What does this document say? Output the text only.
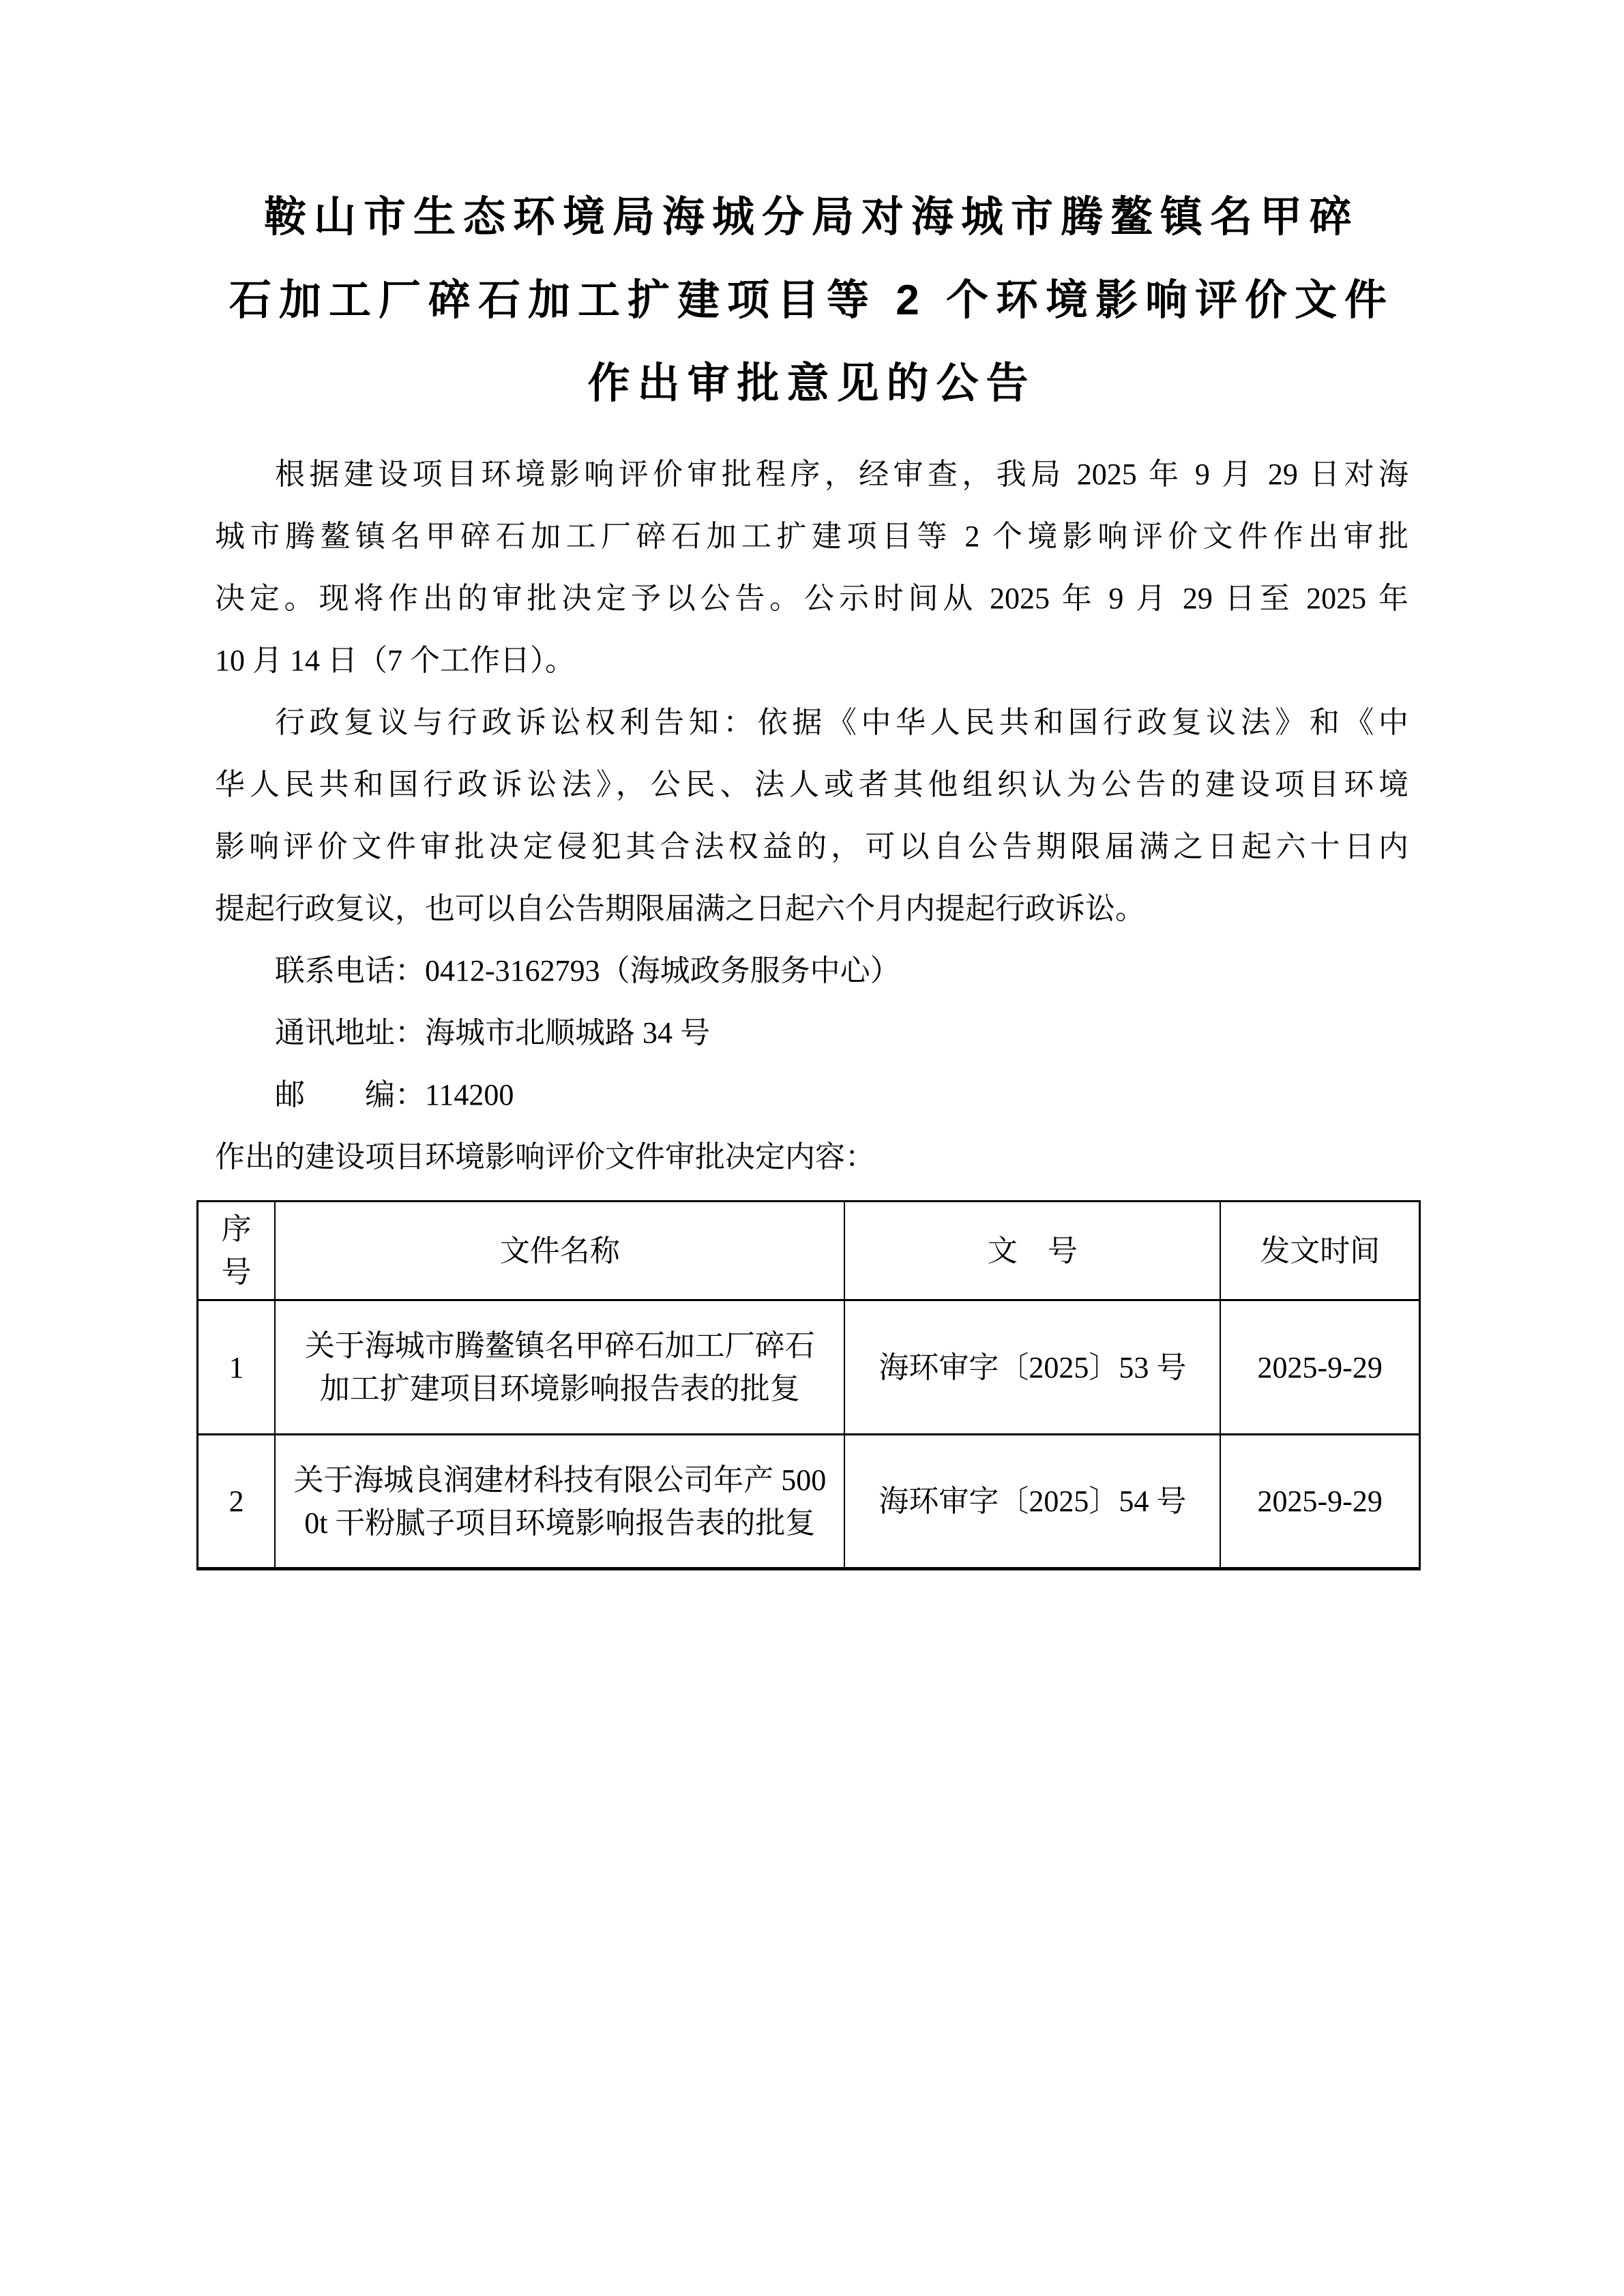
鞍山市生态环境局海城分局对海城市腾鳌镇名甲碎
石加工厂碎石加工扩建项目等 2 个环境影响评价文件
作出审批意见的公告
根据建设项目环境影响评价审批程序，经审查，我局 2025 年 9 月 29 日对海
城市腾鳌镇名甲碎石加工厂碎石加工扩建项目等 2 个境影响评价文件作出审批
决定。现将作出的审批决定予以公告。公示时间从 2025 年 9 月 29 日至 2025 年
10 月 14 日（7 个工作日）。
行政复议与行政诉讼权利告知：依据《中华人民共和国行政复议法》和《中
华人民共和国行政诉讼法》，公民、法人或者其他组织认为公告的建设项目环境
影响评价文件审批决定侵犯其合法权益的，可以自公告期限届满之日起六十日内
提起行政复议，也可以自公告期限届满之日起六个月内提起行政诉讼。
联系电话：0412-3162793（海城政务服务中心）
通讯地址：海城市北顺城路 34 号
邮　　编：114200
作出的建设项目环境影响评价文件审批决定内容：
序号	文件名称	文　号	发文时间
1	关于海城市腾鳌镇名甲碎石加工厂碎石加工扩建项目环境影响报告表的批复	海环审字〔2025〕53 号	2025-9-29
2	关于海城良润建材科技有限公司年产 5000t 干粉腻子项目环境影响报告表的批复	海环审字〔2025〕54 号	2025-9-29
